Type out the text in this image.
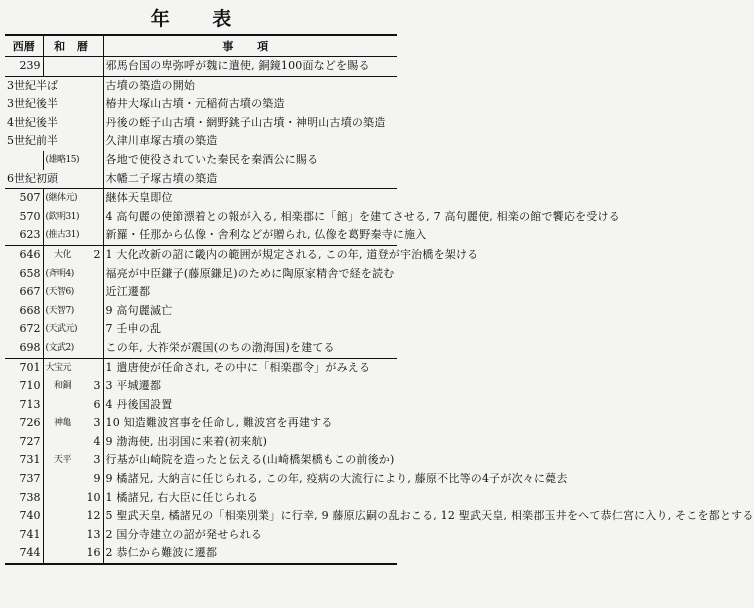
年 表
西暦	和 暦		事 項
239			邪馬台国の卑弥呼が魏に遣使, 銅鏡100面などを賜る
3世紀半ば			古墳の築造の開始
3世紀後半			椿井大塚山古墳・元稲荷古墳の築造
4世紀後半			丹後の蛭子山古墳・網野銚子山古墳・神明山古墳の築造
5世紀前半			久津川車塚古墳の築造
	(雄略15)		各地で使役されていた秦民を秦酒公に賜る
6世紀初頭			木幡二子塚古墳の築造
507	(継体元)		継体天皇即位
570	(欽明31)		4 高句麗の使節漂着との報が入る, 相楽郡に「館」を建てさせる, 7 高句麗使, 相楽の館で饗応を受ける
623	(推古31)		新羅・任那から仏像・舎利などが贈られ, 仏像を葛野秦寺に施入
646	大化	2	1 大化改新の詔に畿内の範囲が規定される, この年, 道登が宇治橋を架ける
658	(斉明4)		福亮が中臣鎌子(藤原鎌足)のために陶原家精舎で経を読む
667	(天智6)		近江遷都
668	(天智7)		9 高句麗滅亡
672	(天武元)		7 壬申の乱
698	(文武2)		この年, 大祚栄が震国(のちの渤海国)を建てる
701	大宝元		1 遣唐使が任命され, その中に「相楽郡令」がみえる
710	和銅	3	3 平城遷都
713		6	4 丹後国設置
726	神亀	3	10 知造難波宮事を任命し, 難波宮を再建する
727		4	9 渤海使, 出羽国に来着(初来航)
731	天平	3	行基が山崎院を造ったと伝える(山崎橋架橋もこの前後か)
737		9	9 橘諸兄, 大納言に任じられる, この年, 疫病の大流行により, 藤原不比等の4子が次々に薨去
738		10	1 橘諸兄, 右大臣に任じられる
740		12	5 聖武天皇, 橘諸兄の「相楽別業」に行幸, 9 藤原広嗣の乱おこる, 12 聖武天皇, 相楽郡玉井をへて恭仁宮に入り, そこを都とする
741		13	2 国分寺建立の詔が発せられる
744		16	2 恭仁から難波に遷都
